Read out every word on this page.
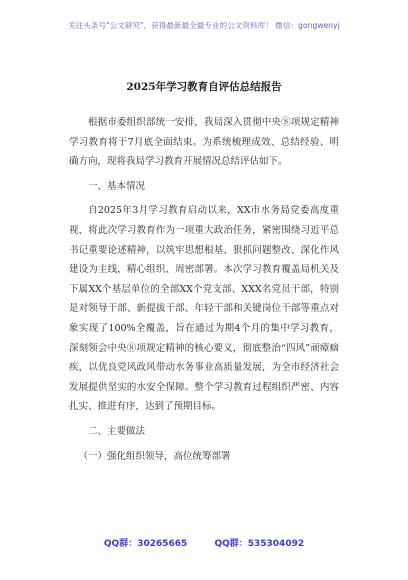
关注头条号"公文研究"，获得最新最全最专业的公文资料库！ 微信：gongwenyj
2025年学习教育自评估总结报告

根据市委组织部统一安排，我局深入贯彻中央⑧项规定精神学习教育将于7月底全面结束。为系统梳理成效、总结经验、明确方向，现将我局学习教育开展情况总结评估如下。

一、基本情况

自2025年3月学习教育启动以来，XX市水务局党委高度重视，将此次学习教育作为一项重大政治任务，紧密围绕习近平总书记重要论述精神，以筑牢思想根基、狠抓问题整改、深化作风建设为主线，精心组织、周密部署。本次学习教育覆盖局机关及下属XX个基层单位的全部XX个党支部、XXX名党员干部，特别是对领导干部、新提拔干部、年轻干部和关键岗位干部等重点对象实现了100%全覆盖，旨在通过为期4个月的集中学习教育，深刻领会中央⑧项规定精神的核心要义，彻底整治“四风”顽瘴痼疾，以优良党风政风带动水务事业高质量发展，为全市经济社会发展提供坚实的水安全保障。整个学习教育过程组织严密、内容扎实、推进有序，达到了预期目标。

二、主要做法

（一）强化组织领导，高位统筹部署

QQ群：30265665	QQ群：535304092
